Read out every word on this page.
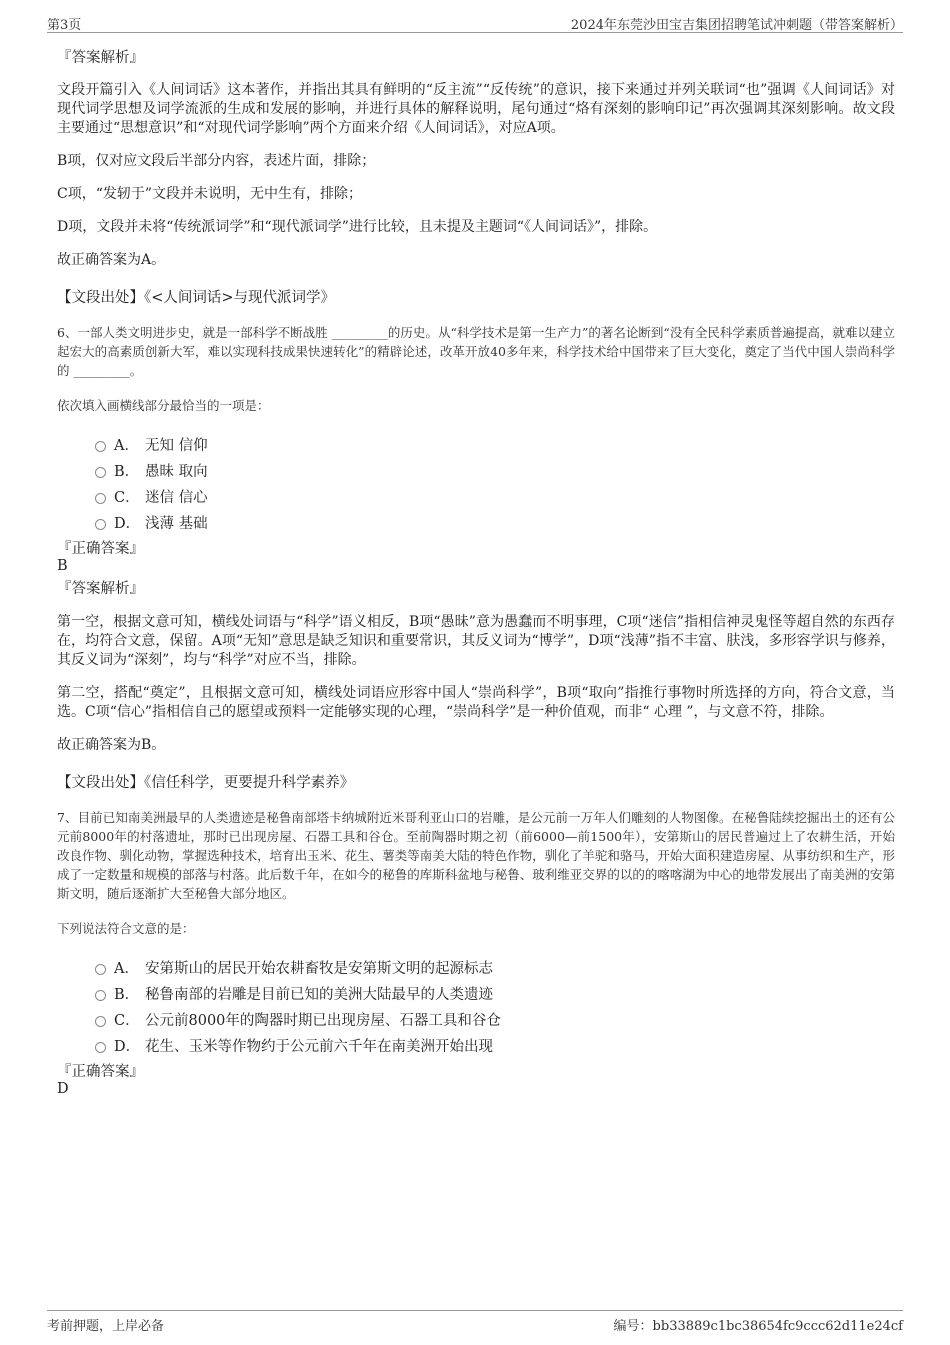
第3页	2024年东莞沙田宝吉集团招聘笔试冲刺题（带答案解析）

『答案解析』

文段开篇引入《人间词话》这本著作，并指出其具有鲜明的“反主流”“反传统”的意识，接下来通过并列关联词“也”强调《人间词话》对现代词学思想及词学流派的生成和发展的影响，并进行具体的解释说明，尾句通过“烙有深刻的影响印记”再次强调其深刻影响。故文段主要通过“思想意识”和“对现代词学影响”两个方面来介绍《人间词话》，对应A项。

B项，仅对应文段后半部分内容，表述片面，排除；

C项，“发轫于”文段并未说明，无中生有，排除；

D项，文段并未将“传统派词学”和“现代派词学”进行比较，且未提及主题词“《人间词话》”，排除。

故正确答案为A。

【文段出处】《<人间词话>与现代派词学》

6、一部人类文明进步史，就是一部科学不断战胜 _________的历史。从“科学技术是第一生产力”的著名论断到“没有全民科学素质普遍提高，就难以建立起宏大的高素质创新大军，难以实现科技成果快速转化”的精辟论述，改革开放40多年来，科学技术给中国带来了巨大变化，奠定了当代中国人崇尚科学的 _________。

依次填入画横线部分最恰当的一项是：

A． 无知 信仰
B． 愚昧 取向
C． 迷信 信心
D． 浅薄 基础

『正确答案』

B

『答案解析』

第一空，根据文意可知，横线处词语与“科学”语义相反，B项“愚昧”意为愚蠢而不明事理，C项“迷信”指相信神灵鬼怪等超自然的东西存在，均符合文意，保留。A项“无知”意思是缺乏知识和重要常识，其反义词为“博学”，D项“浅薄”指不丰富、肤浅，多形容学识与修养，其反义词为“深刻”，均与“科学”对应不当，排除。

第二空，搭配“奠定”，且根据文意可知，横线处词语应形容中国人“崇尚科学”，B项“取向”指推行事物时所选择的方向，符合文意，当选。C项“信心”指相信自己的愿望或预料一定能够实现的心理，“崇尚科学”是一种价值观，而非“ 心理 ”，与文意不符，排除。

故正确答案为B。

【文段出处】《信任科学，更要提升科学素养》

7、目前已知南美洲最早的人类遗迹是秘鲁南部塔卡纳城附近米哥利亚山口的岩雕，是公元前一万年人们雕刻的人物图像。在秘鲁陆续挖掘出土的还有公元前8000年的村落遗址，那时已出现房屋、石器工具和谷仓。至前陶器时期之初（前6000—前1500年），安第斯山的居民普遍过上了农耕生活，开始改良作物、驯化动物，掌握选种技术，培育出玉米、花生、薯类等南美大陆的特色作物，驯化了羊驼和骆马，开始大面积建造房屋、从事纺织和生产，形成了一定数量和规模的部落与村落。此后数千年，在如今的秘鲁的库斯科盆地与秘鲁、玻利维亚交界的以的的喀喀湖为中心的地带发展出了南美洲的安第斯文明，随后逐渐扩大至秘鲁大部分地区。

下列说法符合文意的是：

A． 安第斯山的居民开始农耕畜牧是安第斯文明的起源标志
B． 秘鲁南部的岩雕是目前已知的美洲大陆最早的人类遗迹
C． 公元前8000年的陶器时期已出现房屋、石器工具和谷仓
D． 花生、玉米等作物约于公元前六千年在南美洲开始出现

『正确答案』

D

考前押题，上岸必备	编号：bb33889c1bc38654fc9ccc62d11e24cf
